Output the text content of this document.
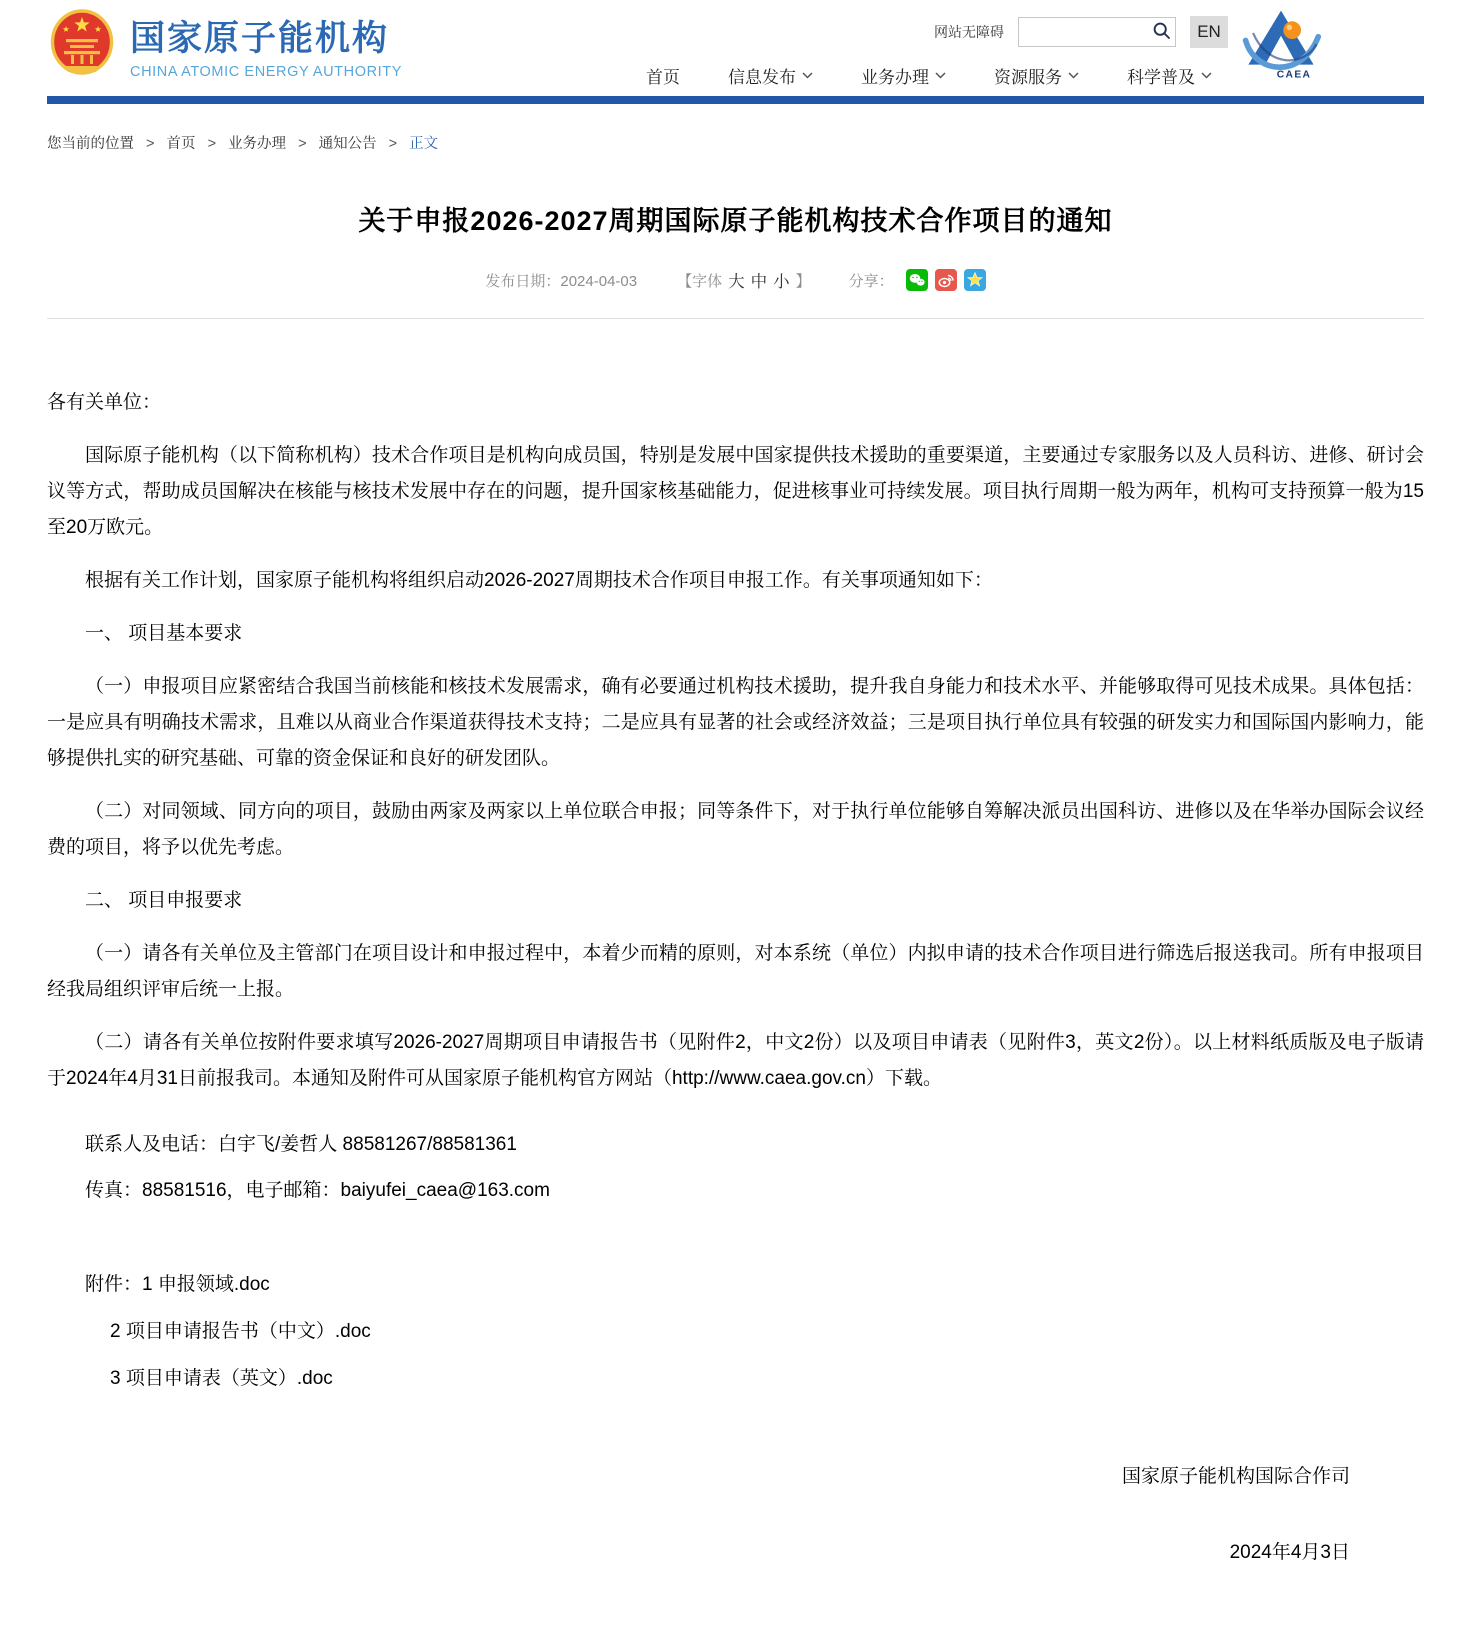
国家原子能机构
CHINA ATOMIC ENERGY AUTHORITY
网站无障碍	EN
CAEA
首页	信息发布	业务办理	资源服务	科学普及
您当前的位置 > 首页 > 业务办理 > 通知公告 > 正文
关于申报2026-2027周期国际原子能机构技术合作项目的通知
发布日期：2024-04-03	【字体 大 中 小 】	分享：

各有关单位：

国际原子能机构（以下简称机构）技术合作项目是机构向成员国，特别是发展中国家提供技术援助的重要渠道，主要通过专家服务以及人员科访、进修、研讨会议等方式，帮助成员国解决在核能与核技术发展中存在的问题，提升国家核基础能力，促进核事业可持续发展。项目执行周期一般为两年，机构可支持预算一般为15至20万欧元。

根据有关工作计划，国家原子能机构将组织启动2026-2027周期技术合作项目申报工作。有关事项通知如下：

一、 项目基本要求

（一）申报项目应紧密结合我国当前核能和核技术发展需求，确有必要通过机构技术援助，提升我自身能力和技术水平、并能够取得可见技术成果。具体包括：一是应具有明确技术需求，且难以从商业合作渠道获得技术支持；二是应具有显著的社会或经济效益；三是项目执行单位具有较强的研发实力和国际国内影响力，能够提供扎实的研究基础、可靠的资金保证和良好的研发团队。

（二）对同领域、同方向的项目，鼓励由两家及两家以上单位联合申报；同等条件下，对于执行单位能够自筹解决派员出国科访、进修以及在华举办国际会议经费的项目，将予以优先考虑。

二、 项目申报要求

（一）请各有关单位及主管部门在项目设计和申报过程中，本着少而精的原则，对本系统（单位）内拟申请的技术合作项目进行筛选后报送我司。所有申报项目经我局组织评审后统一上报。

（二）请各有关单位按附件要求填写2026-2027周期项目申请报告书（见附件2，中文2份）以及项目申请表（见附件3，英文2份）。以上材料纸质版及电子版请于2024年4月31日前报我司。本通知及附件可从国家原子能机构官方网站（http://www.caea.gov.cn）下载。

联系人及电话：白宇飞/姜哲人 88581267/88581361

传真：88581516，电子邮箱：baiyufei_caea@163.com

附件：1 申报领域.doc

2 项目申请报告书（中文）.doc

3 项目申请表（英文）.doc

国家原子能机构国际合作司

2024年4月3日
